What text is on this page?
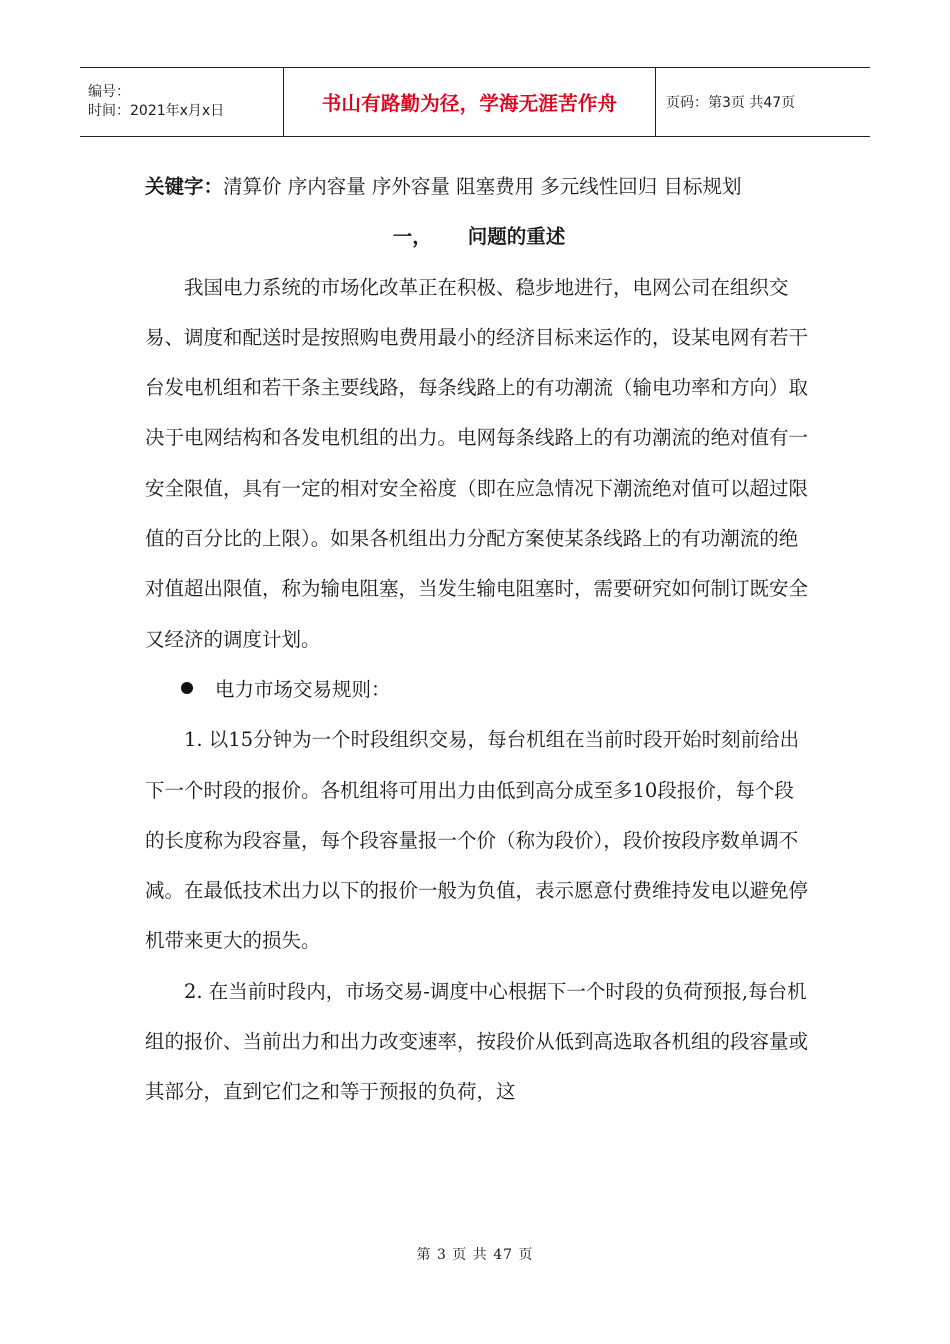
编号：
时间：2021年x月x日	书山有路勤为径，学海无涯苦作舟	页码：第3页 共47页

关键字：清算价 序内容量 序外容量 阻塞费用 多元线性回归 目标规划

一， 问题的重述

我国电力系统的市场化改革正在积极、稳步地进行，电网公司在组织交易、调度和配送时是按照购电费用最小的经济目标来运作的，设某电网有若干台发电机组和若干条主要线路，每条线路上的有功潮流（输电功率和方向）取决于电网结构和各发电机组的出力。电网每条线路上的有功潮流的绝对值有一安全限值，具有一定的相对安全裕度（即在应急情况下潮流绝对值可以超过限值的百分比的上限）。如果各机组出力分配方案使某条线路上的有功潮流的绝对值超出限值，称为输电阻塞，当发生输电阻塞时，需要研究如何制订既安全又经济的调度计划。

电力市场交易规则：

1. 以15分钟为一个时段组织交易，每台机组在当前时段开始时刻前给出下一个时段的报价。各机组将可用出力由低到高分成至多10段报价，每个段的长度称为段容量，每个段容量报一个价（称为段价），段价按段序数单调不减。在最低技术出力以下的报价一般为负值，表示愿意付费维持发电以避免停机带来更大的损失。

2. 在当前时段内，市场交易-调度中心根据下一个时段的负荷预报,每台机组的报价、当前出力和出力改变速率，按段价从低到高选取各机组的段容量或其部分，直到它们之和等于预报的负荷，这

第 3 页 共 47 页
